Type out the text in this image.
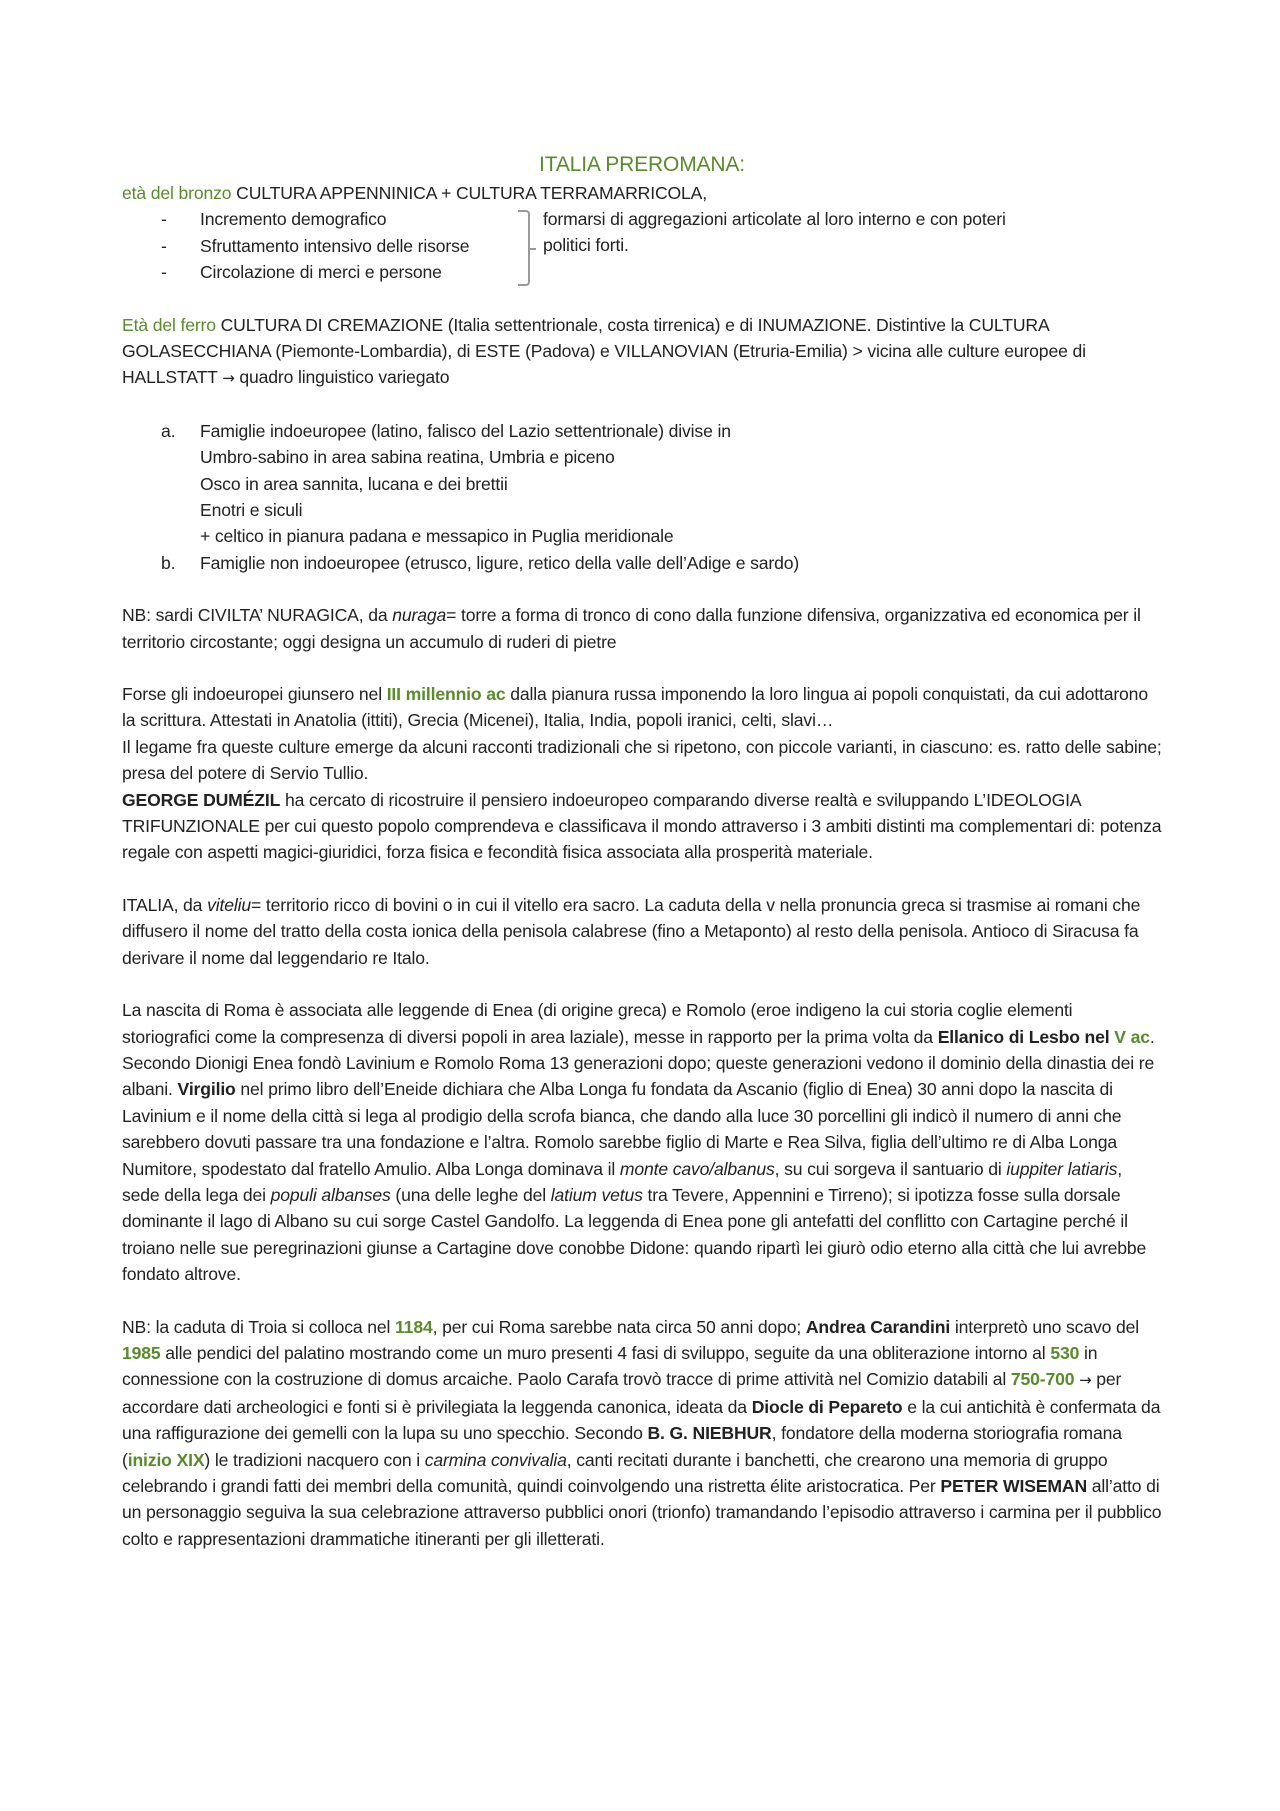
ITALIA PREROMANA:

età del bronzo CULTURA APPENNINICA + CULTURA TERRAMARRICOLA,

- Incremento demografico
- Sfruttamento intensivo delle risorse
- Circolazione di merci e persone
formarsi di aggregazioni articolate al loro interno e con poteri politici forti.

Età del ferro CULTURA DI CREMAZIONE (Italia settentrionale, costa tirrenica) e di INUMAZIONE. Distintive la CULTURA GOLASECCHIANA (Piemonte-Lombardia), di ESTE (Padova) e VILLANOVIAN (Etruria-Emilia) > vicina alle culture europee di HALLSTATT → quadro linguistico variegato

a. Famiglie indoeuropee (latino, falisco del Lazio settentrionale) divise in

Umbro-sabino in area sabina reatina, Umbria e piceno

Osco in area sannita, lucana e dei brettii

Enotri e siculi

+ celtico in pianura padana e messapico in Puglia meridionale

b. Famiglie non indoeuropee (etrusco, ligure, retico della valle dell’Adige e sardo)

NB: sardi CIVILTA’ NURAGICA, da nuraga= torre a forma di tronco di cono dalla funzione difensiva, organizzativa ed economica per il territorio circostante; oggi designa un accumulo di ruderi di pietre

Forse gli indoeuropei giunsero nel III millennio ac dalla pianura russa imponendo la loro lingua ai popoli conquistati, da cui adottarono la scrittura. Attestati in Anatolia (ittiti), Grecia (Micenei), Italia, India, popoli iranici, celti, slavi…

Il legame fra queste culture emerge da alcuni racconti tradizionali che si ripetono, con piccole varianti, in ciascuno: es. ratto delle sabine; presa del potere di Servio Tullio.

GEORGE DUMÉZIL ha cercato di ricostruire il pensiero indoeuropeo comparando diverse realtà e sviluppando L’IDEOLOGIA TRIFUNZIONALE per cui questo popolo comprendeva e classificava il mondo attraverso i 3 ambiti distinti ma complementari di: potenza regale con aspetti magici-giuridici, forza fisica e fecondità fisica associata alla prosperità materiale.

ITALIA, da viteliu= territorio ricco di bovini o in cui il vitello era sacro. La caduta della v nella pronuncia greca si trasmise ai romani che diffusero il nome del tratto della costa ionica della penisola calabrese (fino a Metaponto) al resto della penisola. Antioco di Siracusa fa derivare il nome dal leggendario re Italo.

La nascita di Roma è associata alle leggende di Enea (di origine greca) e Romolo (eroe indigeno la cui storia coglie elementi storiografici come la compresenza di diversi popoli in area laziale), messe in rapporto per la prima volta da Ellanico di Lesbo nel V ac. Secondo Dionigi Enea fondò Lavinium e Romolo Roma 13 generazioni dopo; queste generazioni vedono il dominio della dinastia dei re albani. Virgilio nel primo libro dell’Eneide dichiara che Alba Longa fu fondata da Ascanio (figlio di Enea) 30 anni dopo la nascita di Lavinium e il nome della città si lega al prodigio della scrofa bianca, che dando alla luce 30 porcellini gli indicò il numero di anni che sarebbero dovuti passare tra una fondazione e l’altra. Romolo sarebbe figlio di Marte e Rea Silva, figlia dell’ultimo re di Alba Longa Numitore, spodestato dal fratello Amulio. Alba Longa dominava il monte cavo/albanus, su cui sorgeva il santuario di iuppiter latiaris, sede della lega dei populi albanses (una delle leghe del latium vetus tra Tevere, Appennini e Tirreno); si ipotizza fosse sulla dorsale dominante il lago di Albano su cui sorge Castel Gandolfo. La leggenda di Enea pone gli antefatti del conflitto con Cartagine perché il troiano nelle sue peregrinazioni giunse a Cartagine dove conobbe Didone: quando ripartì lei giurò odio eterno alla città che lui avrebbe fondato altrove.

NB: la caduta di Troia si colloca nel 1184, per cui Roma sarebbe nata circa 50 anni dopo; Andrea Carandini interpretò uno scavo del 1985 alle pendici del palatino mostrando come un muro presenti 4 fasi di sviluppo, seguite da una obliterazione intorno al 530 in connessione con la costruzione di domus arcaiche. Paolo Carafa trovò tracce di prime attività nel Comizio databili al 750-700 → per accordare dati archeologici e fonti si è privilegiata la leggenda canonica, ideata da Diocle di Pepareto e la cui antichità è confermata da una raffigurazione dei gemelli con la lupa su uno specchio. Secondo B. G. NIEBHUR, fondatore della moderna storiografia romana (inizio XIX) le tradizioni nacquero con i carmina convivalia, canti recitati durante i banchetti, che crearono una memoria di gruppo celebrando i grandi fatti dei membri della comunità, quindi coinvolgendo una ristretta élite aristocratica. Per PETER WISEMAN all’atto di un personaggio seguiva la sua celebrazione attraverso pubblici onori (trionfo) tramandando l’episodio attraverso i carmina per il pubblico colto e rappresentazioni drammatiche itineranti per gli illetterati.
